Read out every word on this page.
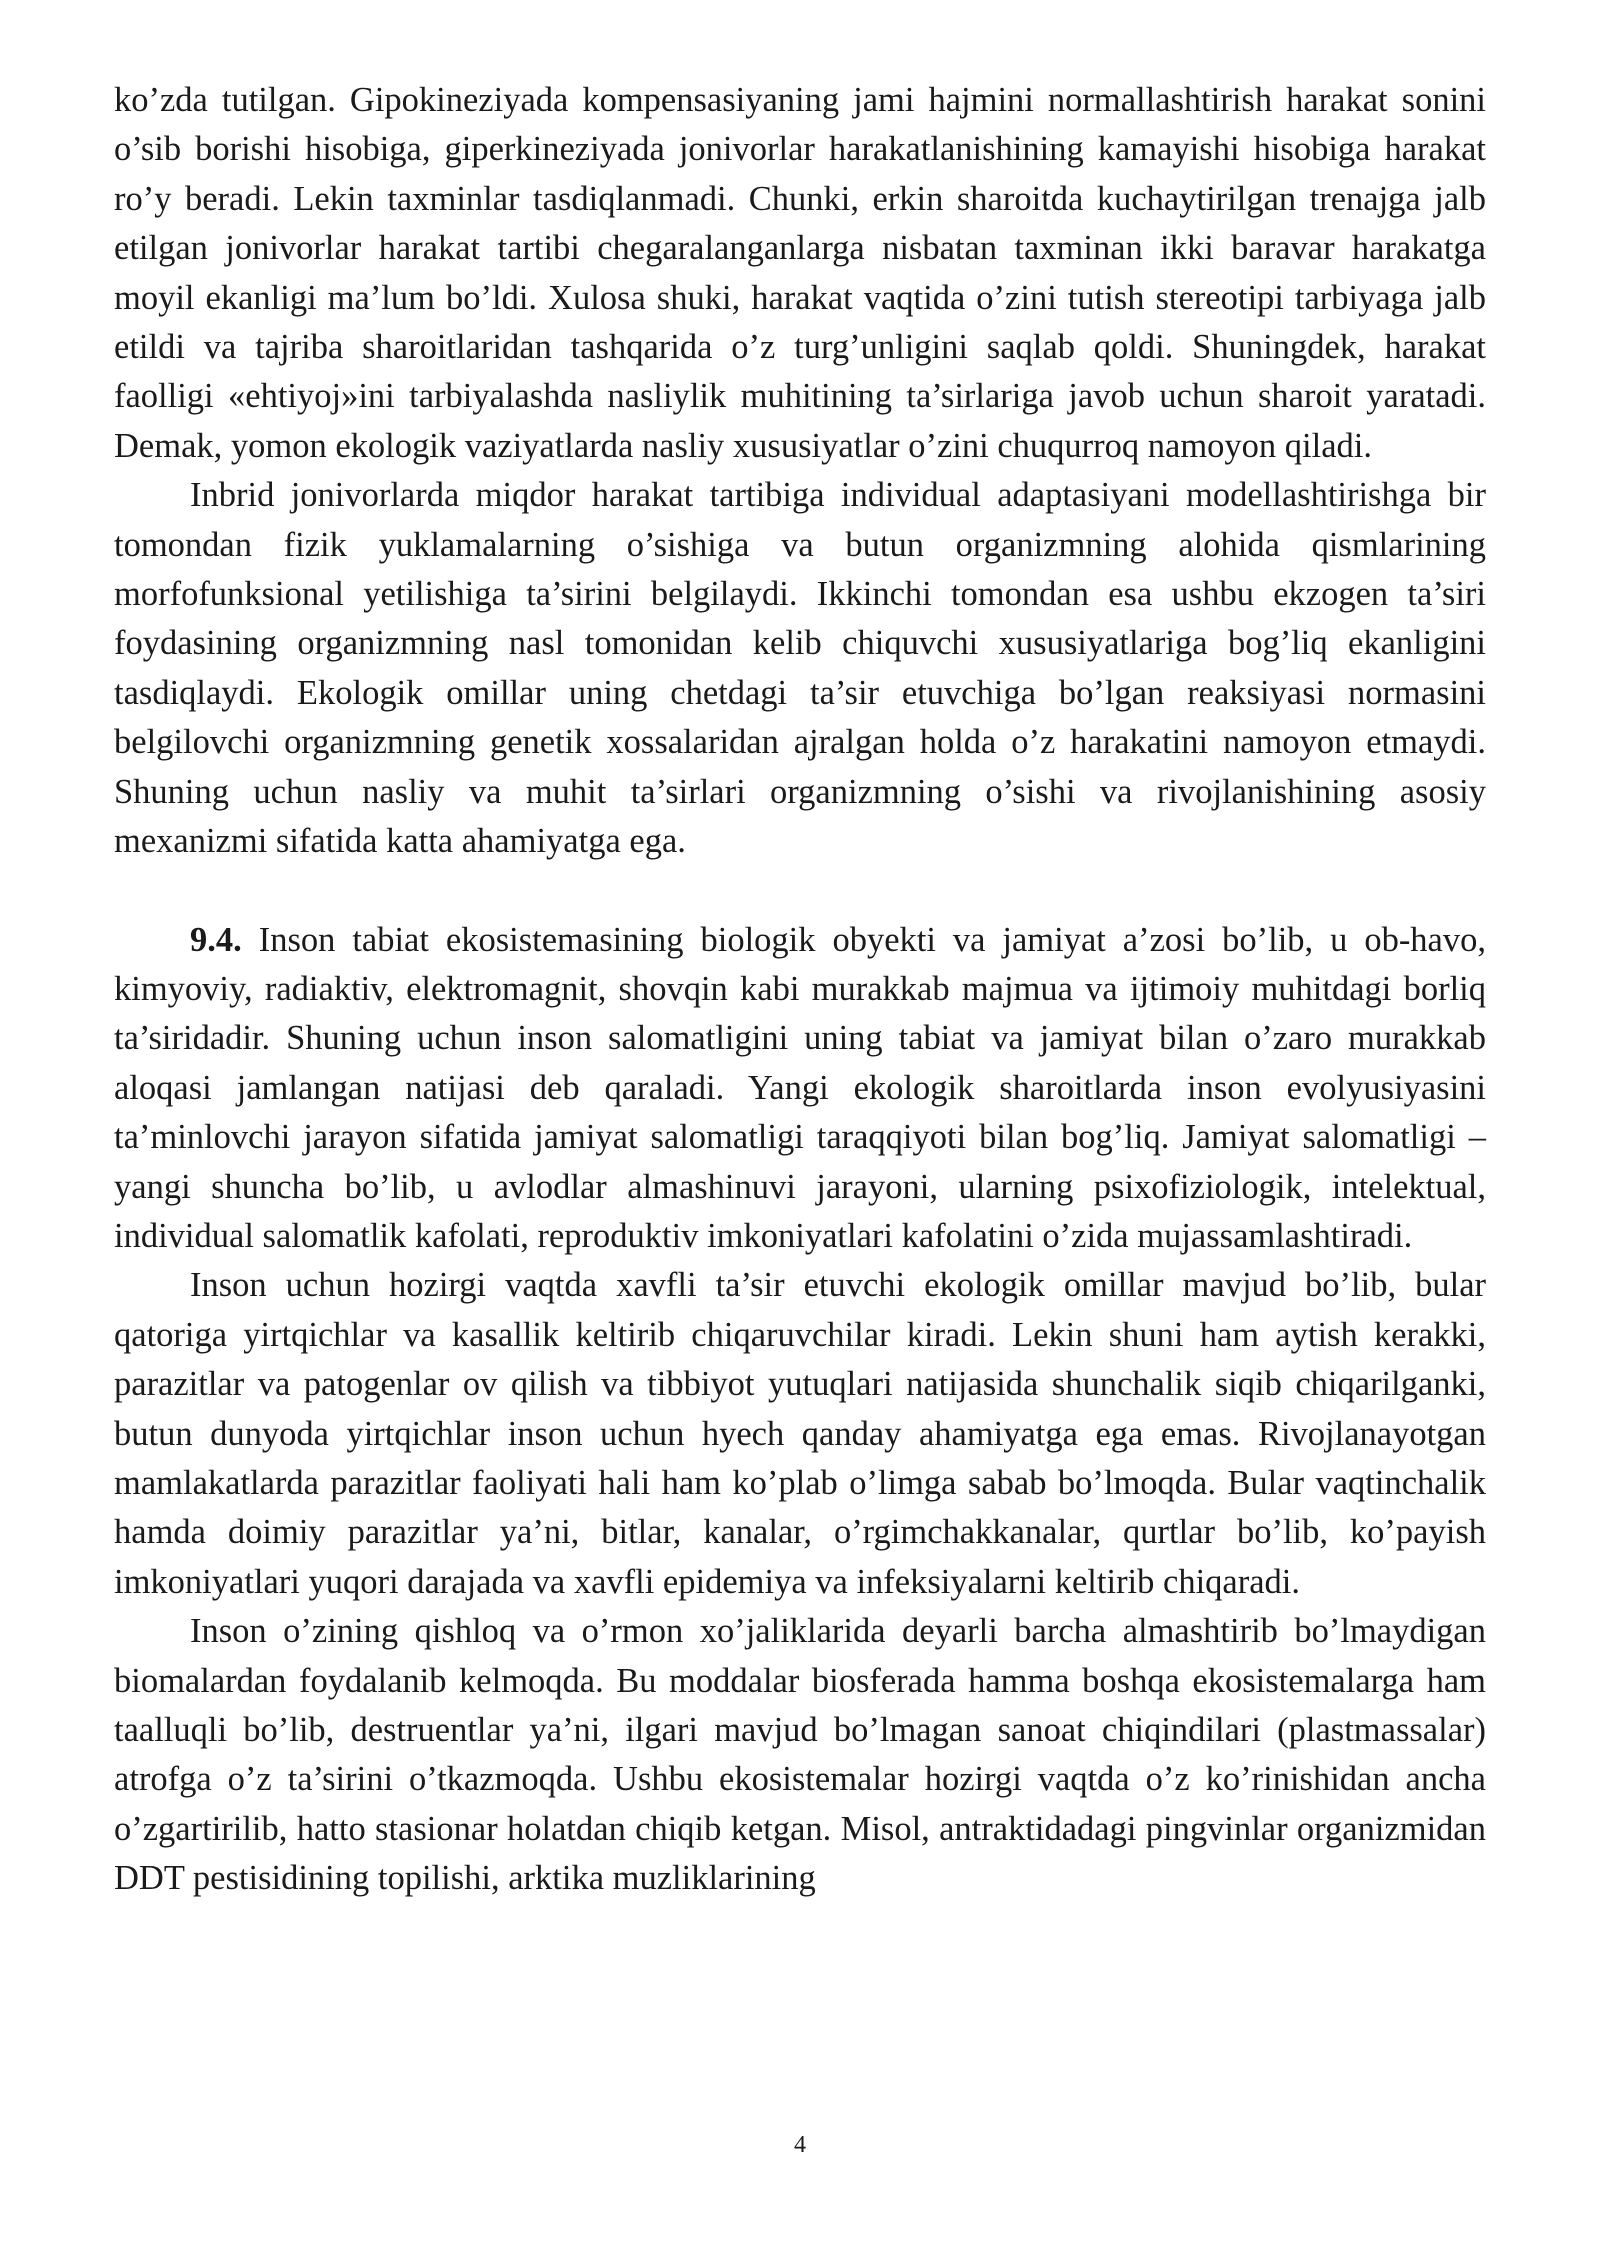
ko’zda tutilgan. Gipokineziyada kompensasiyaning jami hajmini normallashtirish harakat sonini o’sib borishi hisobiga, giperkineziyada jonivorlar harakatlanishining kamayishi hisobiga harakat ro’y beradi. Lekin taxminlar tasdiqlanmadi. Chunki, erkin sharoitda kuchaytirilgan trenajga jalb etilgan jonivorlar harakat tartibi chegaralanganlarga nisbatan taxminan ikki baravar harakatga moyil ekanligi ma’lum bo’ldi. Xulosa shuki, harakat vaqtida o’zini tutish stereotipi tarbiyaga jalb etildi va tajriba sharoitlaridan tashqarida o’z turg’unligini saqlab qoldi. Shuningdek, harakat faolligi «ehtiyoj»ini tarbiyalashda nasliylik muhitining ta’sirlariga javob uchun sharoit yaratadi. Demak, yomon ekologik vaziyatlarda nasliy xususiyatlar o’zini chuqurroq namoyon qiladi.

Inbrid jonivorlarda miqdor harakat tartibiga individual adaptasiyani modellashtirishga bir tomondan fizik yuklamalarning o’sishiga va butun organizmning alohida qismlarining morfofunksional yetilishiga ta’sirini belgilaydi. Ikkinchi tomondan esa ushbu ekzogen ta’siri foydasining organizmning nasl tomonidan kelib chiquvchi xususiyatlariga bog’liq ekanligini tasdiqlaydi. Ekologik omillar uning chetdagi ta’sir etuvchiga bo’lgan reaksiyasi normasini belgilovchi organizmning genetik xossalaridan ajralgan holda o’z harakatini namoyon etmaydi. Shuning uchun nasliy va muhit ta’sirlari organizmning o’sishi va rivojlanishining asosiy mexanizmi sifatida katta ahamiyatga ega.

9.4. Inson tabiat ekosistemasining biologik obyekti va jamiyat a’zosi bo’lib, u ob-havo, kimyoviy, radiaktiv, elektromagnit, shovqin kabi murakkab majmua va ijtimoiy muhitdagi borliq ta’siridadir. Shuning uchun inson salomatligini uning tabiat va jamiyat bilan o’zaro murakkab aloqasi jamlangan natijasi deb qaraladi. Yangi ekologik sharoitlarda inson evolyusiyasini ta’minlovchi jarayon sifatida jamiyat salomatligi taraqqiyoti bilan bog’liq. Jamiyat salomatligi – yangi shuncha bo’lib, u avlodlar almashinuvi jarayoni, ularning psixofiziologik, intelektual, individual salomatlik kafolati, reproduktiv imkoniyatlari kafolatini o’zida mujassamlashtiradi.

Inson uchun hozirgi vaqtda xavfli ta’sir etuvchi ekologik omillar mavjud bo’lib, bular qatoriga yirtqichlar va kasallik keltirib chiqaruvchilar kiradi. Lekin shuni ham aytish kerakki, parazitlar va patogenlar ov qilish va tibbiyot yutuqlari natijasida shunchalik siqib chiqarilganki, butun dunyoda yirtqichlar inson uchun hyech qanday ahamiyatga ega emas. Rivojlanayotgan mamlakatlarda parazitlar faoliyati hali ham ko’plab o’limga sabab bo’lmoqda. Bular vaqtinchalik hamda doimiy parazitlar ya’ni, bitlar, kanalar, o’rgimchakkanalar, qurtlar bo’lib, ko’payish imkoniyatlari yuqori darajada va xavfli epidemiya va infeksiyalarni keltirib chiqaradi.

Inson o’zining qishloq va o’rmon xo’jaliklarida deyarli barcha almashtirib bo’lmaydigan biomalardan foydalanib kelmoqda. Bu moddalar biosferada hamma boshqa ekosistemalarga ham taalluqli bo’lib, destruentlar ya’ni, ilgari mavjud bo’lmagan sanoat chiqindilari (plastmassalar) atrofga o’z ta’sirini o’tkazmoqda. Ushbu ekosistemalar hozirgi vaqtda o’z ko’rinishidan ancha o’zgartirilib, hatto stasionar holatdan chiqib ketgan. Misol, antraktidadagi pingvinlar organizmidan DDT pestisidining topilishi, arktika muzliklarining

4
